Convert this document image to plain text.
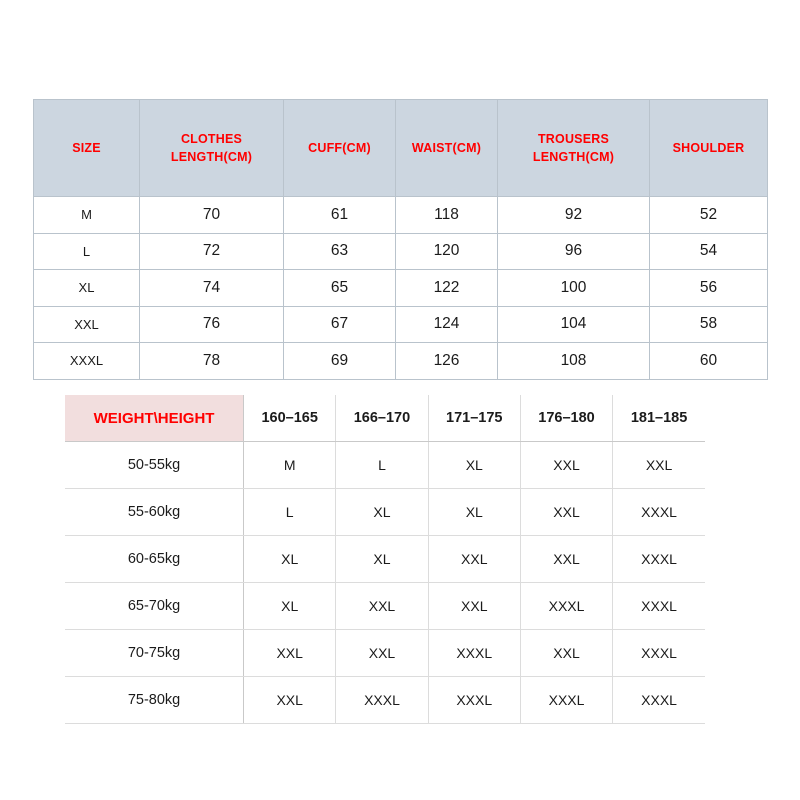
SIZE	CLOTHES LENGTH(CM)	CUFF(CM)	WAIST(CM)	TROUSERS LENGTH(CM)	SHOULDER
M	70	61	118	92	52
L	72	63	120	96	54
XL	74	65	122	100	56
XXL	76	67	124	104	58
XXXL	78	69	126	108	60
WEIGHT\HEIGHT	160–165	166–170	171–175	176–180	181–185
50-55kg	M	L	XL	XXL	XXL
55-60kg	L	XL	XL	XXL	XXXL
60-65kg	XL	XL	XXL	XXL	XXXL
65-70kg	XL	XXL	XXL	XXXL	XXXL
70-75kg	XXL	XXL	XXXL	XXL	XXXL
75-80kg	XXL	XXXL	XXXL	XXXL	XXXL
